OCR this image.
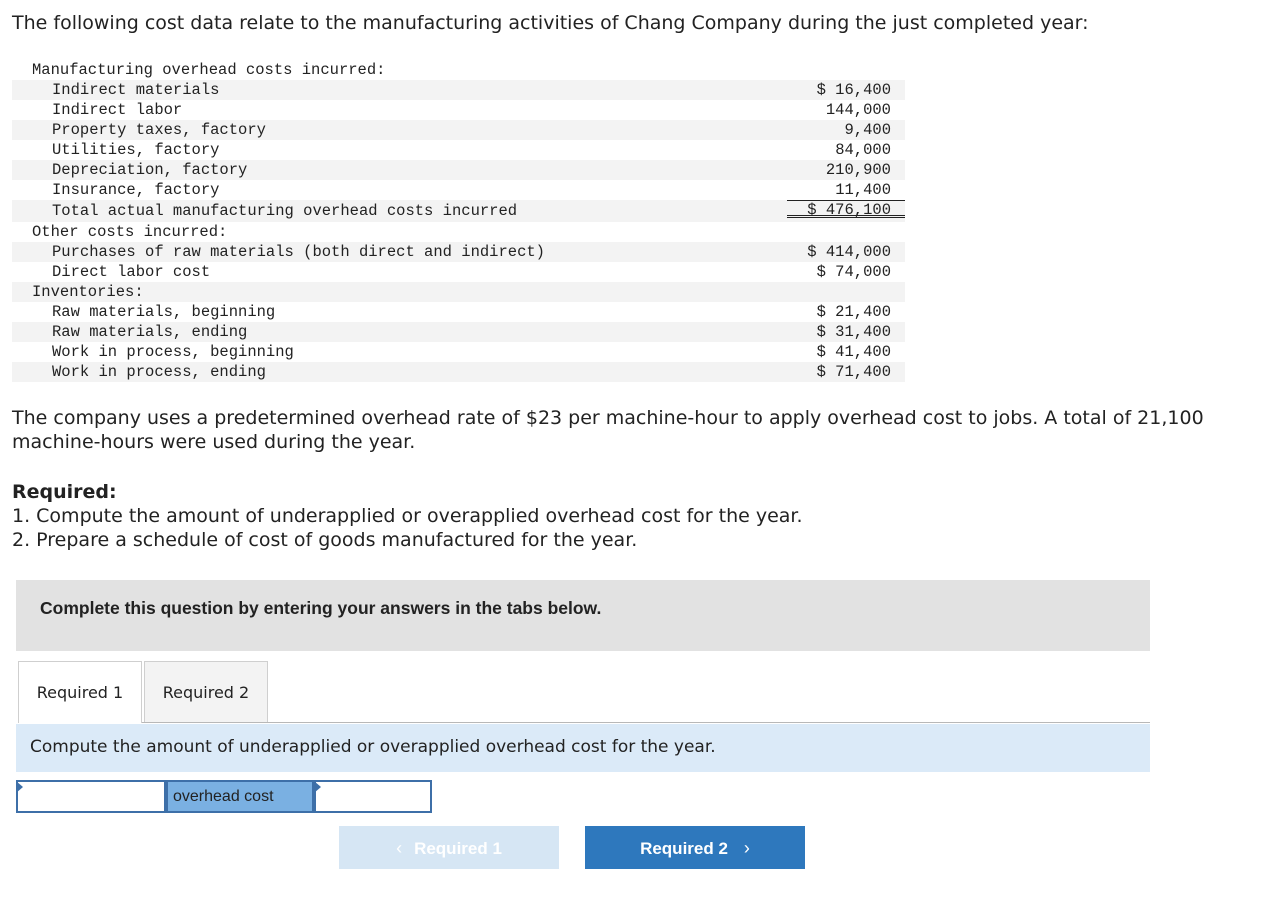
The following cost data relate to the manufacturing activities of Chang Company during the just completed year:
Manufacturing overhead costs incurred:
Indirect materials	$ 16,400
Indirect labor	144,000
Property taxes, factory	9,400
Utilities, factory	84,000
Depreciation, factory	210,900
Insurance, factory	11,400
Total actual manufacturing overhead costs incurred	$ 476,100
Other costs incurred:
Purchases of raw materials (both direct and indirect)	$ 414,000
Direct labor cost	$ 74,000
Inventories:
Raw materials, beginning	$ 21,400
Raw materials, ending	$ 31,400
Work in process, beginning	$ 41,400
Work in process, ending	$ 71,400
The company uses a predetermined overhead rate of $23 per machine-hour to apply overhead cost to jobs. A total of 21,100 machine-hours were used during the year.
Required:
1. Compute the amount of underapplied or overapplied overhead cost for the year.
2. Prepare a schedule of cost of goods manufactured for the year.
Complete this question by entering your answers in the tabs below.
Required 1	Required 2
Compute the amount of underapplied or overapplied overhead cost for the year.
overhead cost
‹ Required 1	Required 2 ›
